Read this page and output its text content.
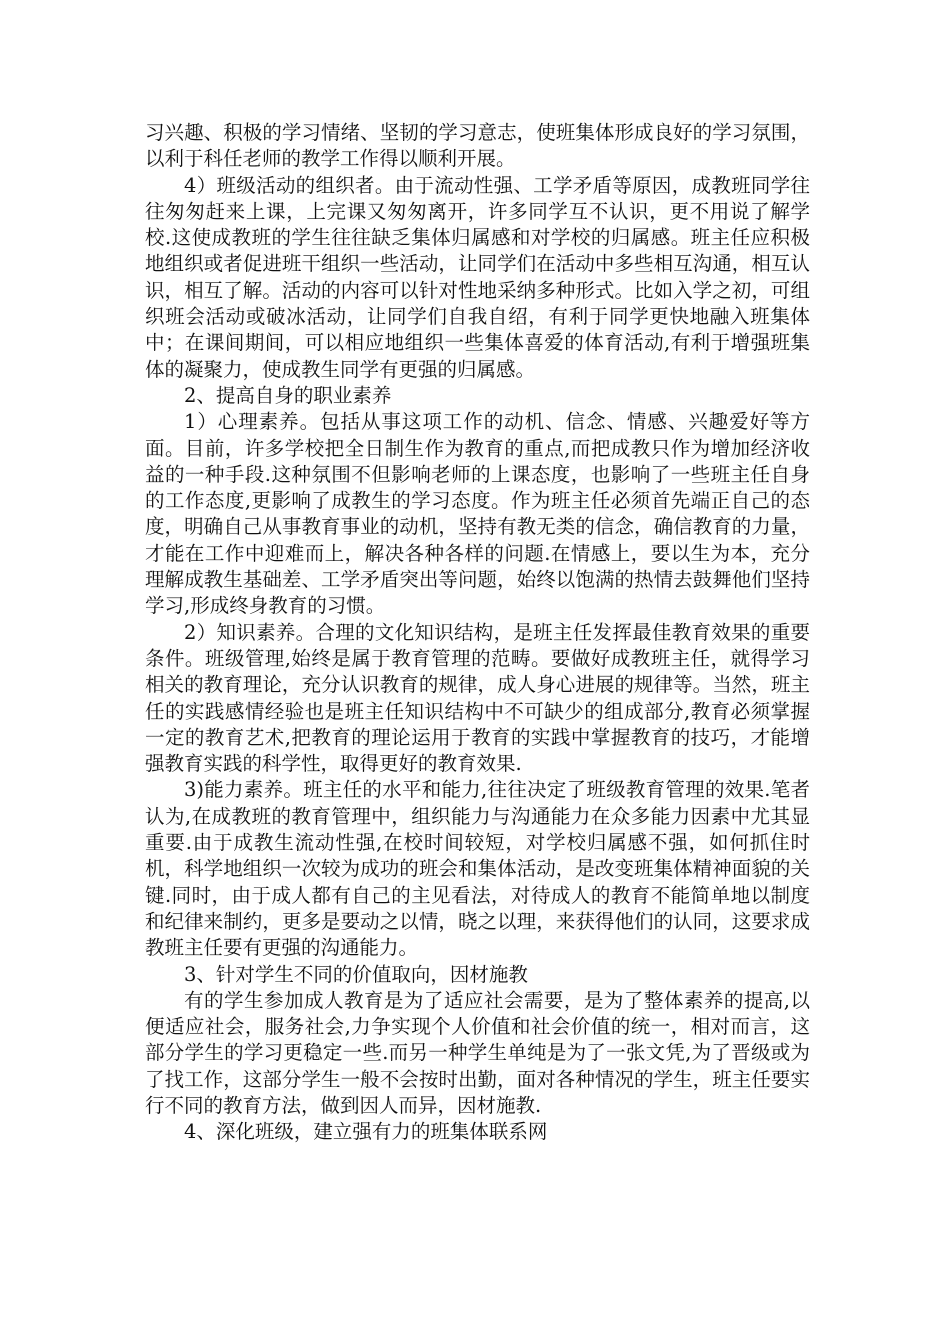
习兴趣、积极的学习情绪、坚韧的学习意志，使班集体形成良好的学习氛围，以利于科任老师的教学工作得以顺利开展。

4）班级活动的组织者。由于流动性强、工学矛盾等原因，成教班同学往往匆匆赶来上课，上完课又匆匆离开，许多同学互不认识，更不用说了解学校.这使成教班的学生往往缺乏集体归属感和对学校的归属感。班主任应积极地组织或者促进班干组织一些活动，让同学们在活动中多些相互沟通，相互认识，相互了解。活动的内容可以针对性地采纳多种形式。比如入学之初，可组织班会活动或破冰活动，让同学们自我自绍，有利于同学更快地融入班集体中；在课间期间，可以相应地组织一些集体喜爱的体育活动,有利于增强班集体的凝聚力，使成教生同学有更强的归属感。

2、提高自身的职业素养

1）心理素养。包括从事这项工作的动机、信念、情感、兴趣爱好等方面。目前，许多学校把全日制生作为教育的重点,而把成教只作为增加经济收益的一种手段.这种氛围不但影响老师的上课态度，也影响了一些班主任自身的工作态度,更影响了成教生的学习态度。作为班主任必须首先端正自己的态度，明确自己从事教育事业的动机，坚持有教无类的信念，确信教育的力量，才能在工作中迎难而上，解决各种各样的问题.在情感上，要以生为本，充分理解成教生基础差、工学矛盾突出等问题，始终以饱满的热情去鼓舞他们坚持学习,形成终身教育的习惯。

2）知识素养。合理的文化知识结构，是班主任发挥最佳教育效果的重要条件。班级管理,始终是属于教育管理的范畴。要做好成教班主任，就得学习相关的教育理论，充分认识教育的规律，成人身心进展的规律等。当然，班主任的实践感情经验也是班主任知识结构中不可缺少的组成部分,教育必须掌握一定的教育艺术,把教育的理论运用于教育的实践中掌握教育的技巧，才能增强教育实践的科学性，取得更好的教育效果.

3)能力素养。班主任的水平和能力,往往决定了班级教育管理的效果.笔者认为,在成教班的教育管理中，组织能力与沟通能力在众多能力因素中尤其显重要.由于成教生流动性强,在校时间较短，对学校归属感不强，如何抓住时机，科学地组织一次较为成功的班会和集体活动，是改变班集体精神面貌的关键.同时，由于成人都有自己的主见看法，对待成人的教育不能简单地以制度和纪律来制约，更多是要动之以情，晓之以理，来获得他们的认同，这要求成教班主任要有更强的沟通能力。

3、针对学生不同的价值取向，因材施教

有的学生参加成人教育是为了适应社会需要，是为了整体素养的提高,以便适应社会，服务社会,力争实现个人价值和社会价值的统一，相对而言，这部分学生的学习更稳定一些.而另一种学生单纯是为了一张文凭,为了晋级或为了找工作，这部分学生一般不会按时出勤，面对各种情况的学生，班主任要实行不同的教育方法，做到因人而异，因材施教.

4、深化班级，建立强有力的班集体联系网
